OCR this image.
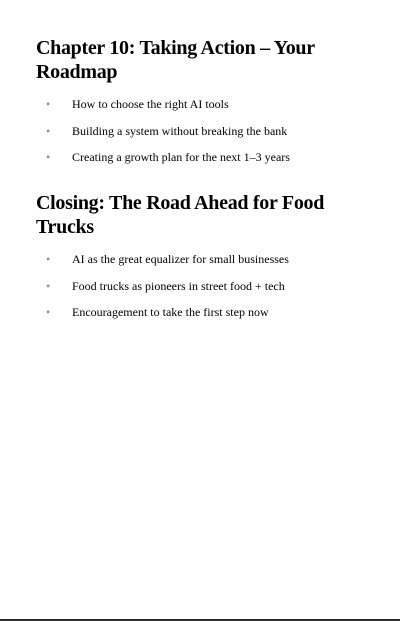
Chapter 10: Taking Action – Your Roadmap
• How to choose the right AI tools
• Building a system without breaking the bank
• Creating a growth plan for the next 1–3 years
Closing: The Road Ahead for Food Trucks
• AI as the great equalizer for small businesses
• Food trucks as pioneers in street food + tech
• Encouragement to take the first step now
